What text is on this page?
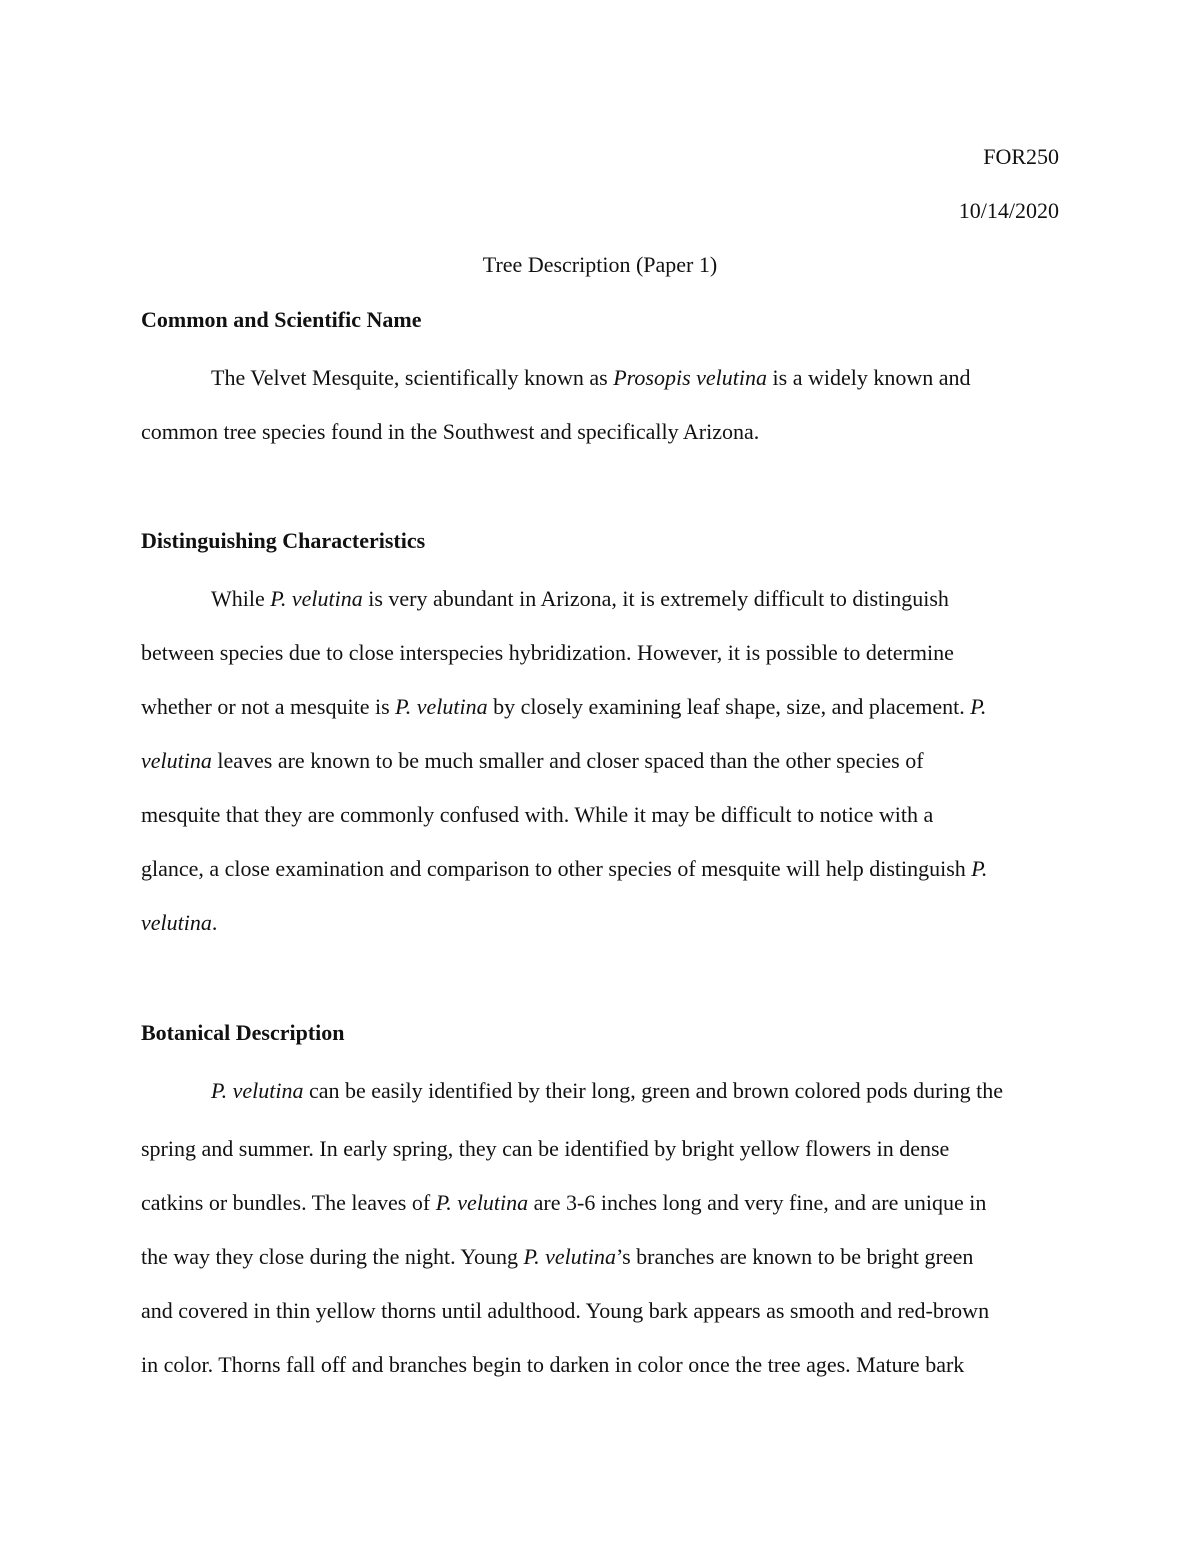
FOR250

10/14/2020

Tree Description (Paper 1)

Common and Scientific Name

The Velvet Mesquite, scientifically known as Prosopis velutina is a widely known and

common tree species found in the Southwest and specifically Arizona.

Distinguishing Characteristics

While P. velutina is very abundant in Arizona, it is extremely difficult to distinguish

between species due to close interspecies hybridization. However, it is possible to determine

whether or not a mesquite is P. velutina by closely examining leaf shape, size, and placement. P.

velutina leaves are known to be much smaller and closer spaced than the other species of

mesquite that they are commonly confused with. While it may be difficult to notice with a

glance, a close examination and comparison to other species of mesquite will help distinguish P.

velutina.

Botanical Description

P. velutina can be easily identified by their long, green and brown colored pods during the

spring and summer. In early spring, they can be identified by bright yellow flowers in dense

catkins or bundles. The leaves of P. velutina are 3-6 inches long and very fine, and are unique in

the way they close during the night. Young P. velutina’s branches are known to be bright green

and covered in thin yellow thorns until adulthood. Young bark appears as smooth and red-brown

in color. Thorns fall off and branches begin to darken in color once the tree ages. Mature bark
